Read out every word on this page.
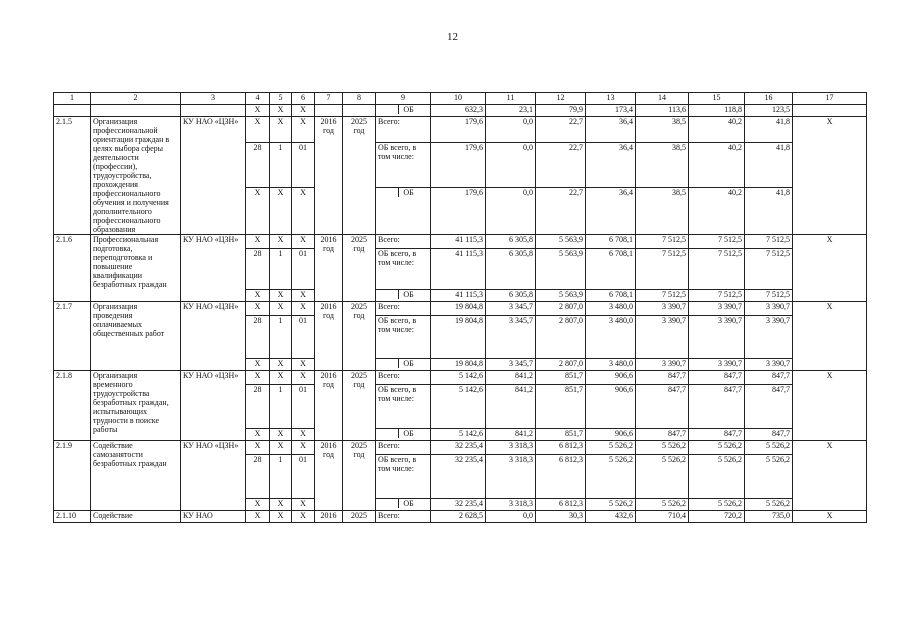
12
1	2	3	4	5	6	7	8	9	10	11	12	13	14	15	16	17
			X	X	X			ОБ	632,3	23,1	79,9	173,4	113,6	118,8	123,5	
2.1.5	Организация профессиональной ориентации граждан в целях выбора сферы деятельности (профессии), трудоустройства, прохождения профессионального обучения и получения дополнительного профессионального образования	КУ НАО «ЦЗН»	X	X	X	2016 год	2025 год	Всего:	179,6	0,0	22,7	36,4	38,5	40,2	41,8	X
			28	1	01			ОБ всего, в том числе:	179,6	0,0	22,7	36,4	38,5	40,2	41,8	
			X	X	X			ОБ	179,6	0,0	22,7	36,4	38,5	40,2	41,8	
2.1.6	Профессиональная подготовка, переподготовка и повышение квалификации безработных граждан	КУ НАО «ЦЗН»	X	X	X	2016 год	2025 год	Всего:	41 115,3	6 305,8	5 563,9	6 708,1	7 512,5	7 512,5	7 512,5	X
			28	1	01			ОБ всего, в том числе:	41 115,3	6 305,8	5 563,9	6 708,1	7 512,5	7 512,5	7 512,5	
			X	X	X			ОБ	41 115,3	6 305,8	5 563,9	6 708,1	7 512,5	7 512,5	7 512,5	
2.1.7	Организация проведения оплачиваемых общественных работ	КУ НАО «ЦЗН»	X	X	X	2016 год	2025 год	Всего:	19 804,8	3 345,7	2 807,0	3 480,0	3 390,7	3 390,7	3 390,7	X
			28	1	01			ОБ всего, в том числе:	19 804,8	3 345,7	2 807,0	3 480,0	3 390,7	3 390,7	3 390,7	
			X	X	X			ОБ	19 804,8	3 345,7	2 807,0	3 480,0	3 390,7	3 390,7	3 390,7	
2.1.8	Организация временного трудоустройства безработных граждан, испытывающих трудности в поиске работы	КУ НАО «ЦЗН»	X	X	X	2016 год	2025 год	Всего:	5 142,6	841,2	851,7	906,6	847,7	847,7	847,7	X
			28	1	01			ОБ всего, в том числе:	5 142,6	841,2	851,7	906,6	847,7	847,7	847,7	
			X	X	X			ОБ	5 142,6	841,2	851,7	906,6	847,7	847,7	847,7	
2.1.9	Содействие самозанятости безработных граждан	КУ НАО «ЦЗН»	X	X	X	2016 год	2025 год	Всего:	32 235,4	3 318,3	6 812,3	5 526,2	5 526,2	5 526,2	5 526,2	X
			28	1	01			ОБ всего, в том числе:	32 235,4	3 318,3	6 812,3	5 526,2	5 526,2	5 526,2	5 526,2	
			X	X	X			ОБ	32 235,4	3 318,3	6 812,3	5 526,2	5 526,2	5 526,2	5 526,2	
2.1.10	Содействие	КУ НАО	X	X	X	2016	2025	Всего:	2 628,5	0,0	30,3	432,6	710,4	720,2	735,0	X
